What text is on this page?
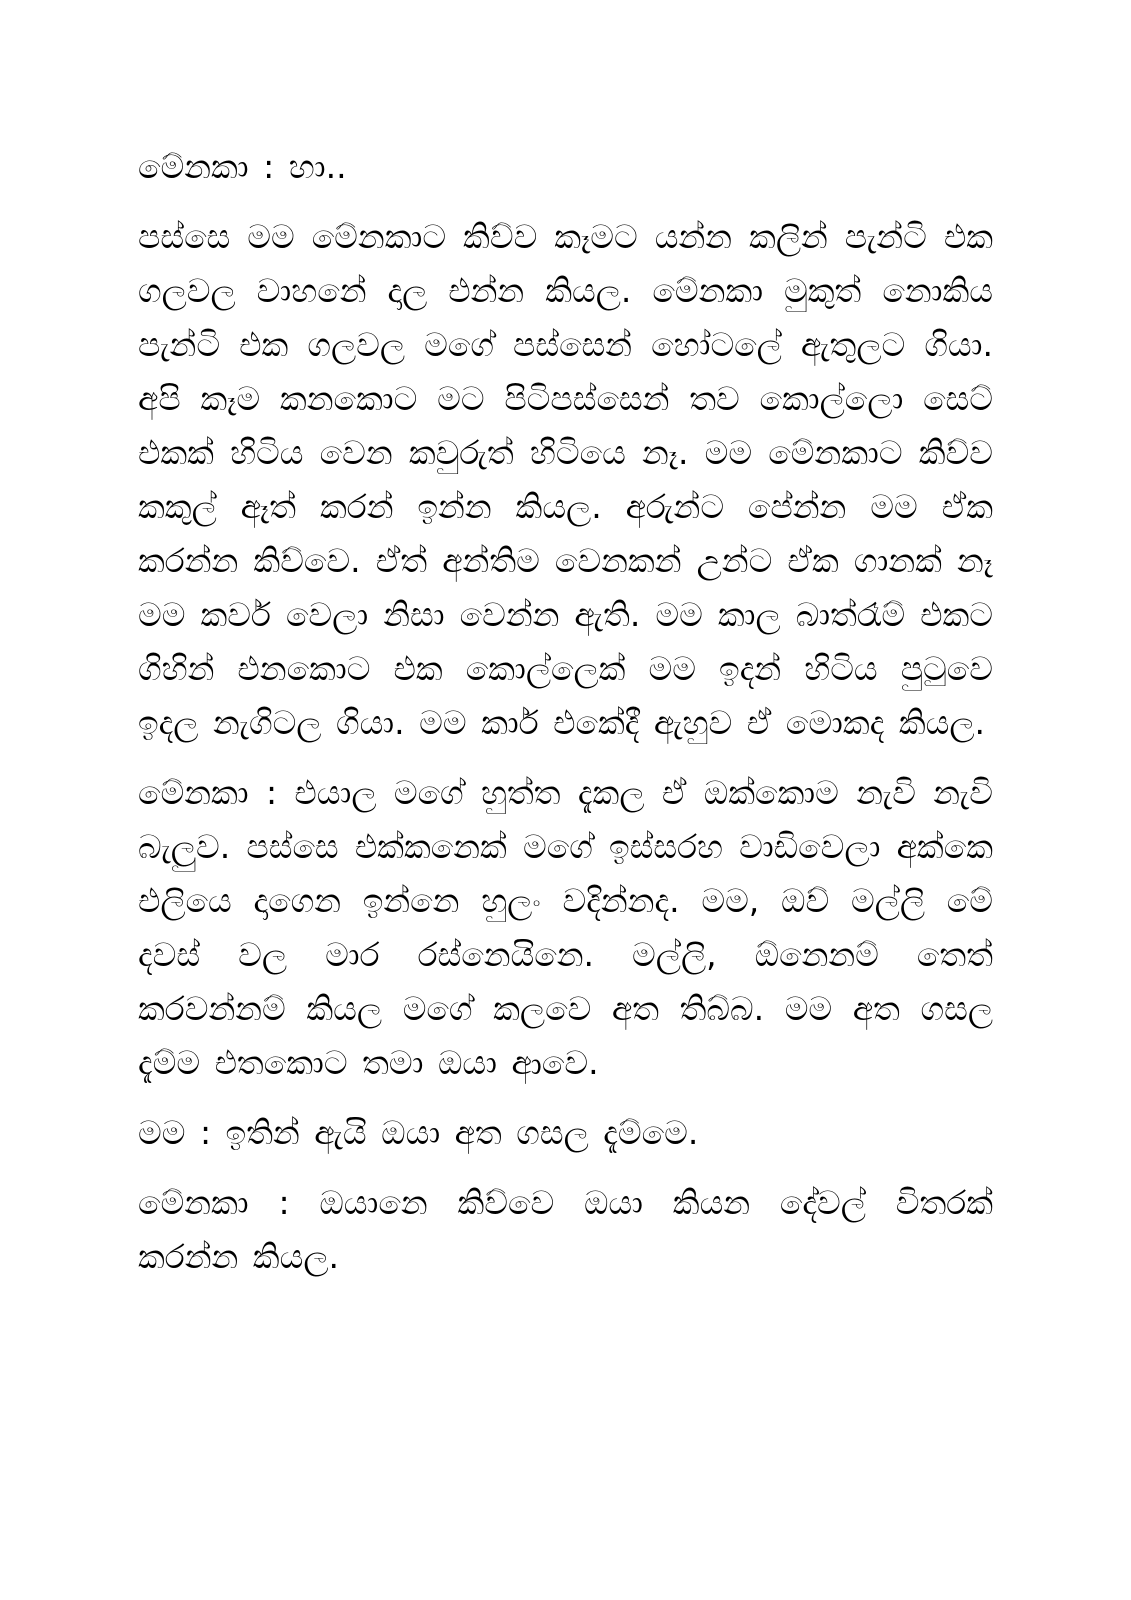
මේනකා : හා..

පස්සෙ මම මේනකාට කිව්ව කෑමට යන්න කලින් පැන්ටි එක ගලවල වාහනේ දාල එන්න කියල. මේනකා මුකුත් නොකිය පැන්ටි එක ගලවල මගේ පස්සෙන් හෝටලේ ඇතුලට ගියා. අපි කෑම කනකොට මට පිටිපස්සෙන් තව කොල්ලො සෙට් එකක් හිටිය වෙන කවුරුත් හිටියෙ නෑ. මම මේනකාට කිව්ව කකුල් ඈත් කරන් ඉන්න කියල. අරුන්ට පේන්න මම ඒක කරන්න කිව්වෙ. ඒත් අන්තිම වෙනකන් උන්ට ඒක ගානක් නෑ මම කවර් වෙලා නිසා වෙන්න ඇති. මම කාල බාත්රෑම් එකට ගිහින් එනකොට එක කොල්ලෙක් මම ඉදන් හිටිය පුටුවෙ ඉදල නැගිටල ගියා. මම කාර් එකේදී ඇහුව ඒ මොකද කියල.

මේනකා : එයාල මගේ හුත්ත දැකල ඒ ඔක්කොම නැවි නැවි බැලුව. පස්සෙ එක්කනෙක් මගේ ඉස්සරහ වාඩිවෙලා අක්කෙ එලියෙ දාගෙන ඉන්නෙ හුලං වදින්නද. මම, ඔව් මල්ලි මේ දවස් වල මාර රස්නෙයිනෙ. මල්ලි, ඕනෙනම් තෙත් කරවන්නම් කියල මගේ කලවෙ අත තිබ්බ. මම අත ගසල දැම්ම එතකොට තමා ඔයා ආවෙ.

මම : ඉතින් ඇයි ඔයා අත ගසල දැම්මෙ.

මේනකා : ඔයානෙ කිව්වෙ ඔයා කියන දේවල් විතරක් කරන්න කියල.
